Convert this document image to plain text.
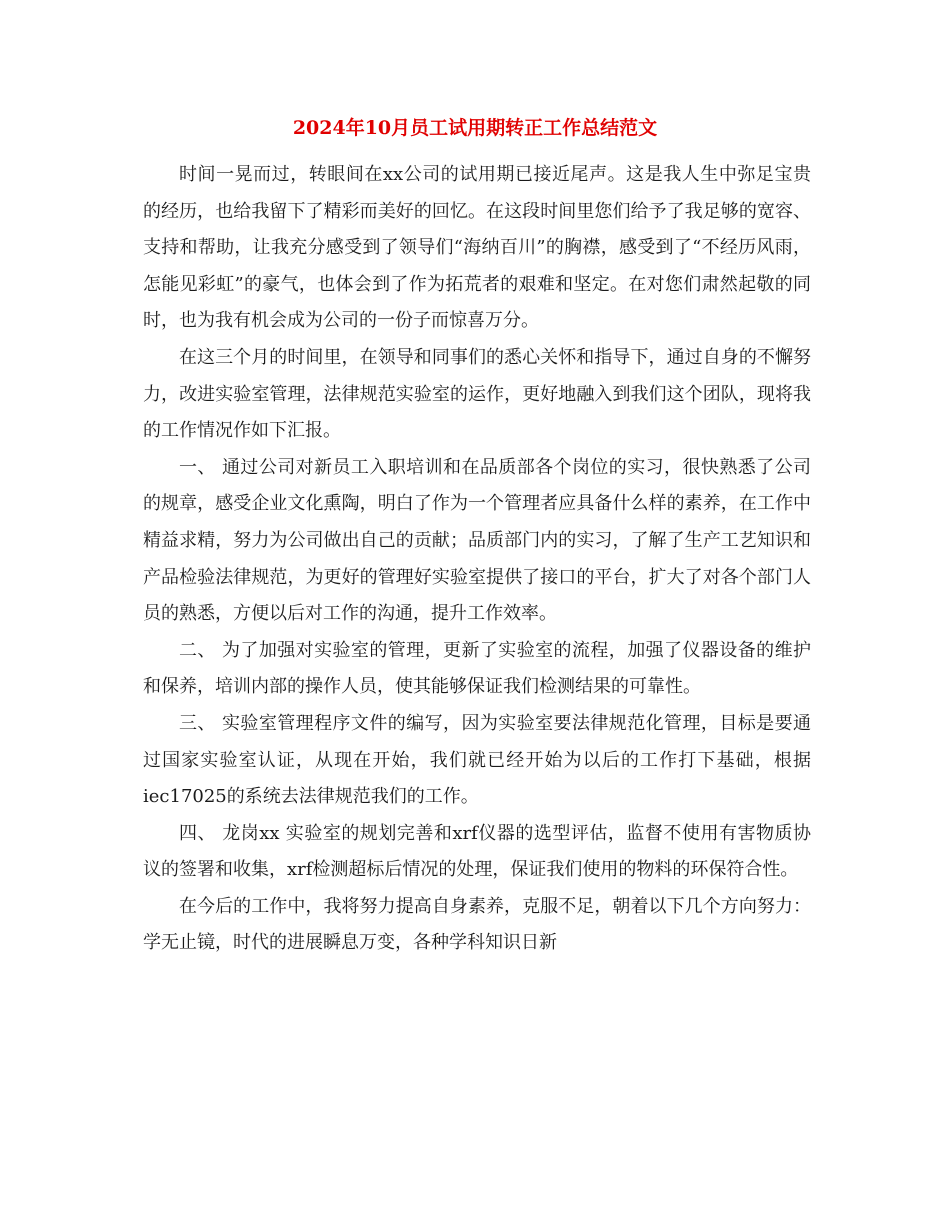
2024年10月员工试用期转正工作总结范文

时间一晃而过，转眼间在xx公司的试用期已接近尾声。这是我人生中弥足宝贵的经历，也给我留下了精彩而美好的回忆。在这段时间里您们给予了我足够的宽容、支持和帮助，让我充分感受到了领导们“海纳百川”的胸襟，感受到了“不经历风雨，怎能见彩虹”的豪气，也体会到了作为拓荒者的艰难和坚定。在对您们肃然起敬的同时，也为我有机会成为公司的一份子而惊喜万分。

在这三个月的时间里，在领导和同事们的悉心关怀和指导下，通过自身的不懈努力，改进实验室管理，法律规范实验室的运作，更好地融入到我们这个团队，现将我的工作情况作如下汇报。

一、 通过公司对新员工入职培训和在品质部各个岗位的实习，很快熟悉了公司的规章，感受企业文化熏陶，明白了作为一个管理者应具备什么样的素养，在工作中精益求精，努力为公司做出自己的贡献；品质部门内的实习，了解了生产工艺知识和产品检验法律规范，为更好的管理好实验室提供了接口的平台，扩大了对各个部门人员的熟悉，方便以后对工作的沟通，提升工作效率。

二、 为了加强对实验室的管理，更新了实验室的流程，加强了仪器设备的维护和保养，培训内部的操作人员，使其能够保证我们检测结果的可靠性。

三、 实验室管理程序文件的编写，因为实验室要法律规范化管理，目标是要通过国家实验室认证，从现在开始，我们就已经开始为以后的工作打下基础，根据iec17025的系统去法律规范我们的工作。

四、 龙岗xx 实验室的规划完善和xrf仪器的选型评估，监督不使用有害物质协议的签署和收集，xrf检测超标后情况的处理，保证我们使用的物料的环保符合性。

在今后的工作中，我将努力提高自身素养，克服不足，朝着以下几个方向努力： 学无止镜，时代的进展瞬息万变，各种学科知识日新
